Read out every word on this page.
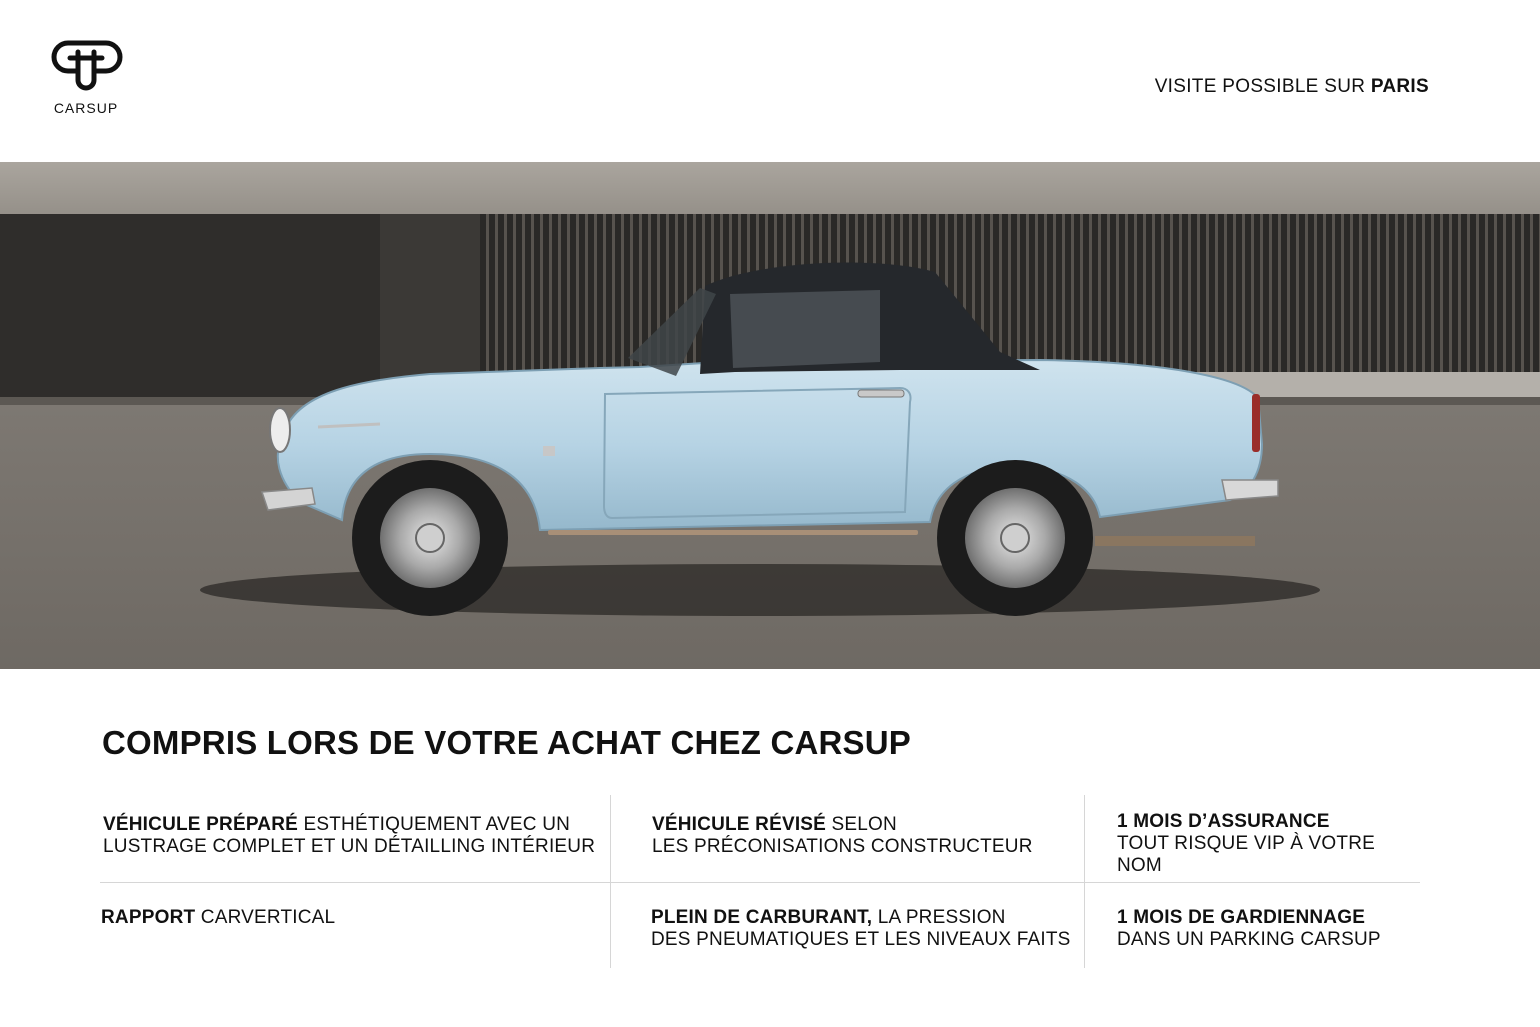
CARSUP
VISITE POSSIBLE SUR PARIS
COMPRIS LORS DE VOTRE ACHAT CHEZ CARSUP
VÉHICULE PRÉPARÉ ESTHÉTIQUEMENT AVEC UN
LUSTRAGE COMPLET ET UN DÉTAILLING INTÉRIEUR
VÉHICULE RÉVISÉ SELON
LES PRÉCONISATIONS CONSTRUCTEUR
1 MOIS D’ASSURANCE
TOUT RISQUE VIP À VOTRE NOM
RAPPORT CARVERTICAL	PLEIN DE CARBURANT, LA PRESSION
DES PNEUMATIQUES ET LES NIVEAUX FAITS
1 MOIS DE GARDIENNAGE
DANS UN PARKING CARSUP
